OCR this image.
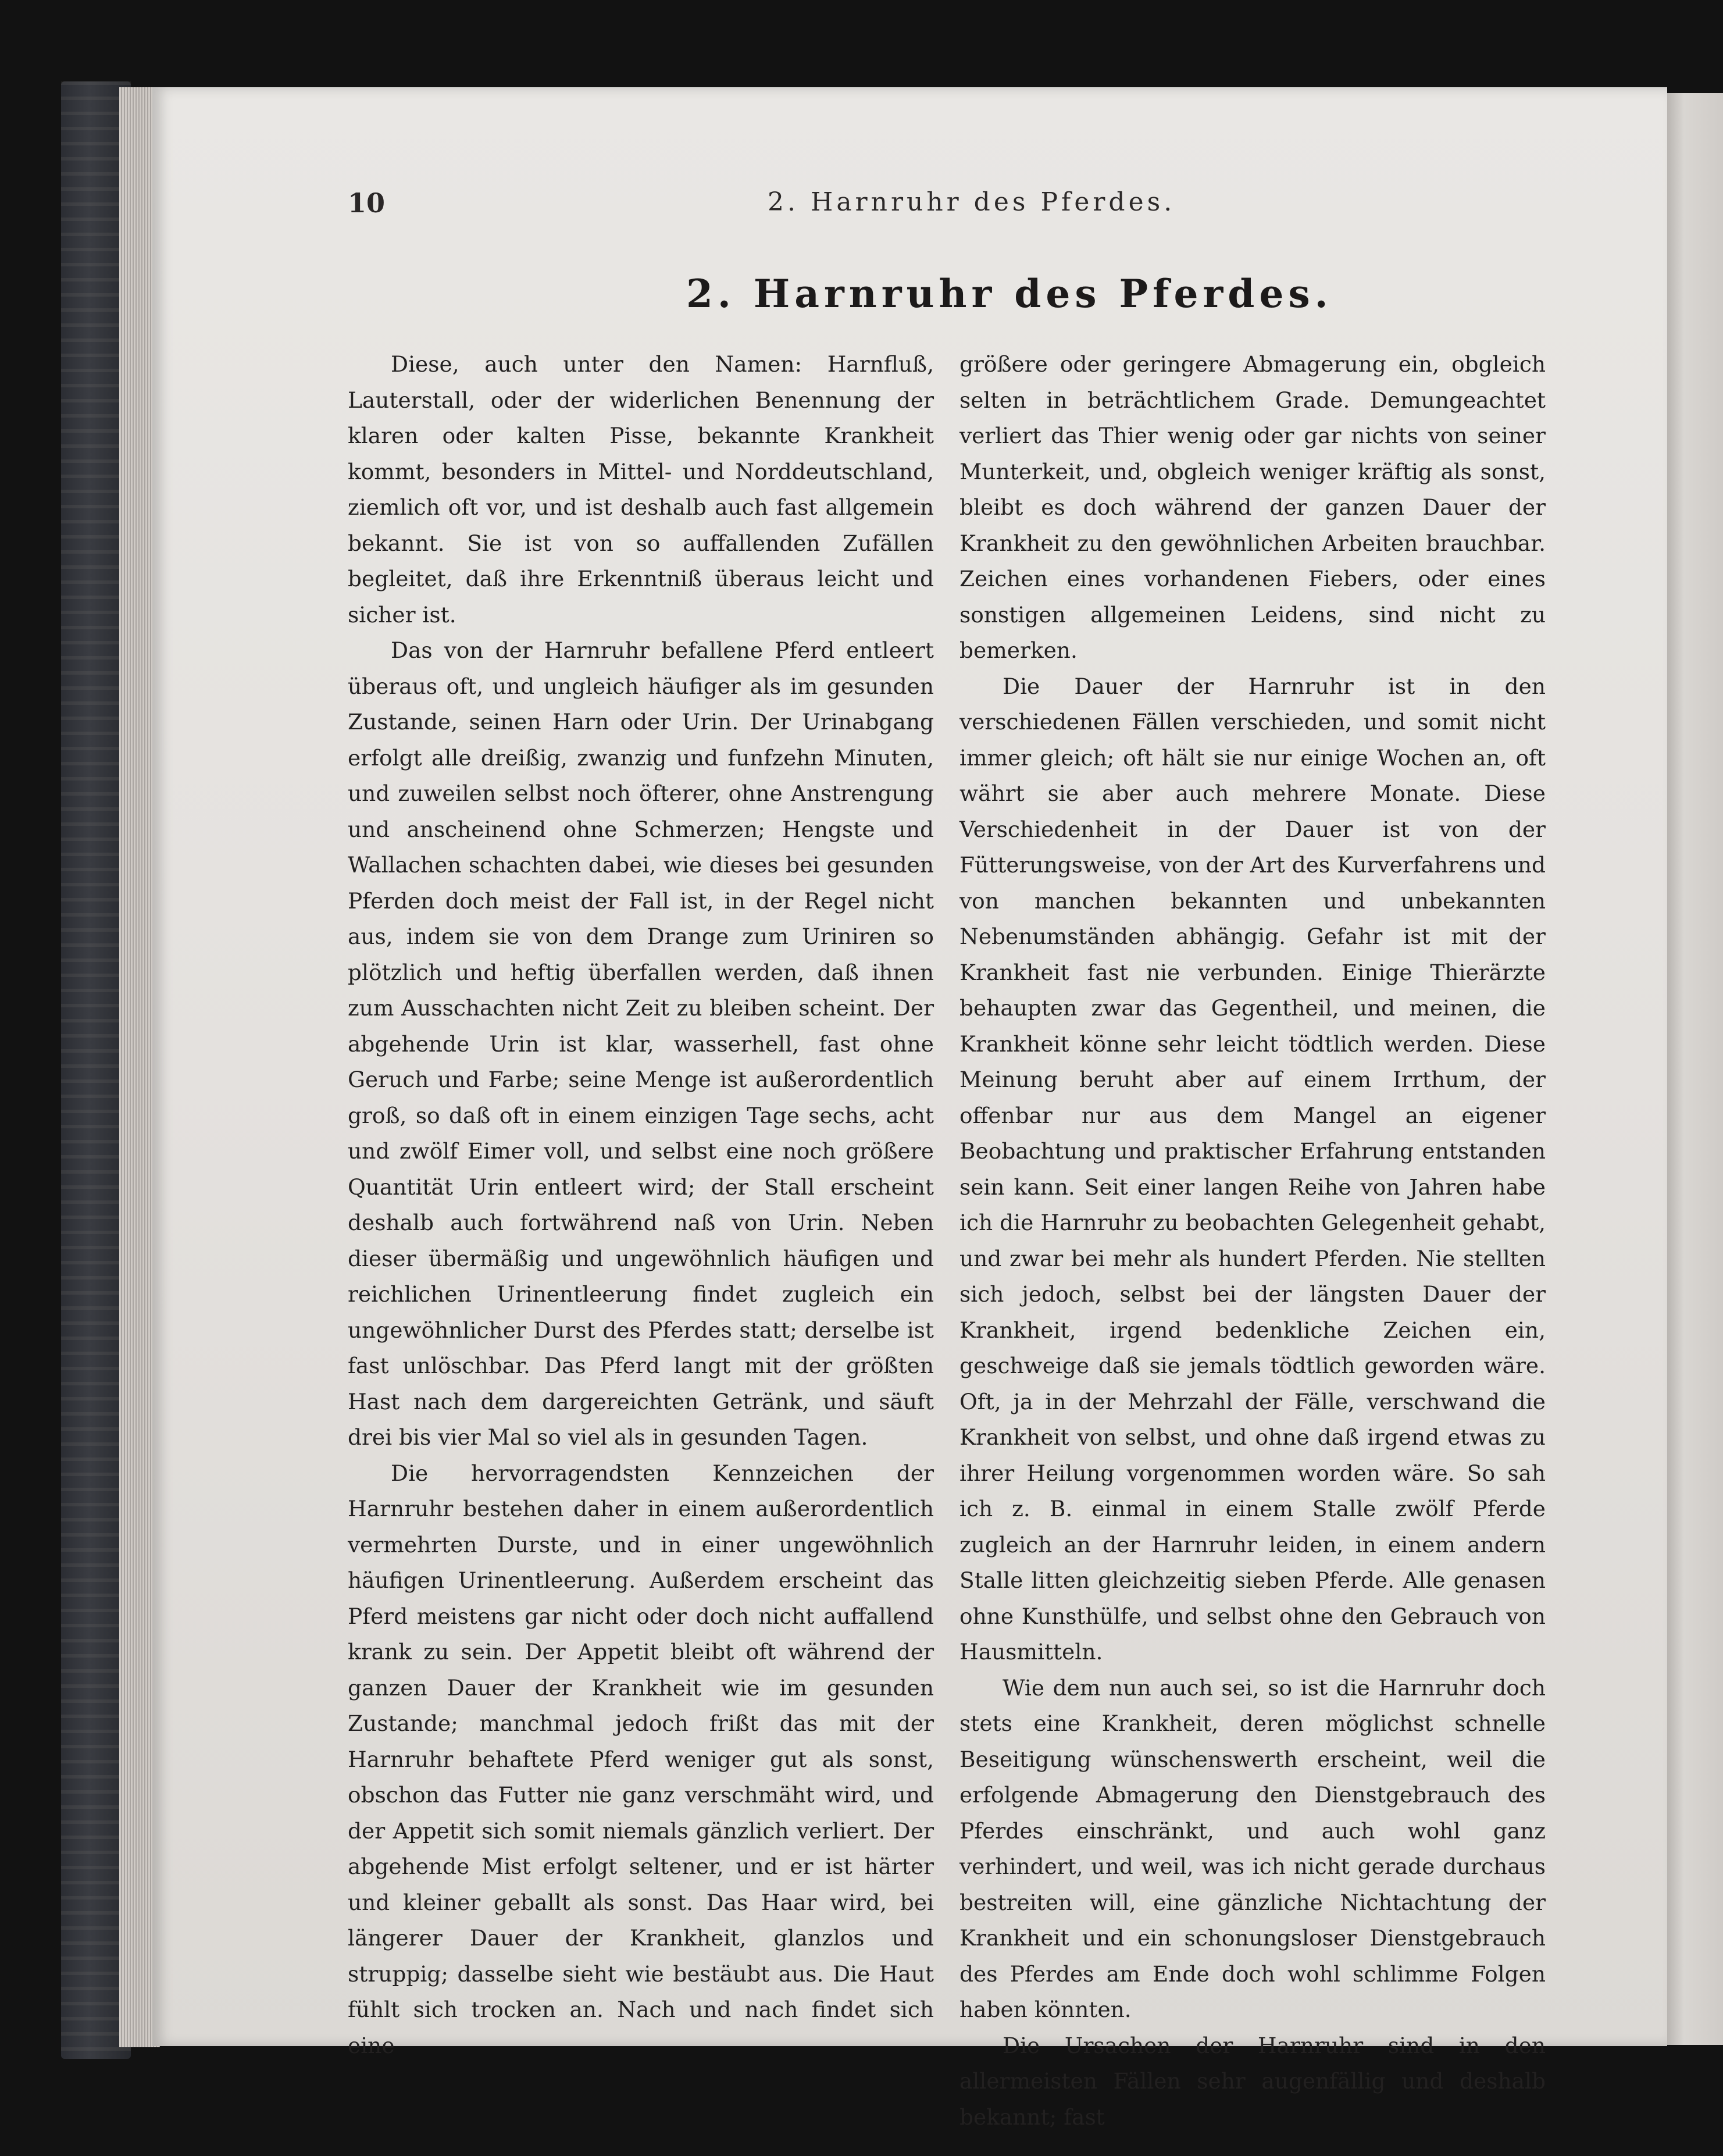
10	2. Harnruhr des Pferdes.
2. Harnruhr des Pferdes.

Diese, auch unter den Namen: Harnfluß, Lauterstall, oder der widerlichen Benennung der klaren oder kalten Pisse, bekannte Krankheit kommt, besonders in Mittel- und Norddeutschland, ziemlich oft vor, und ist deshalb auch fast allgemein bekannt. Sie ist von so auffallenden Zufällen begleitet, daß ihre Erkenntniß überaus leicht und sicher ist.

Das von der Harnruhr befallene Pferd entleert überaus oft, und ungleich häufiger als im gesunden Zustande, seinen Harn oder Urin. Der Urinabgang erfolgt alle dreißig, zwanzig und funfzehn Minuten, und zuweilen selbst noch öfterer, ohne Anstrengung und anscheinend ohne Schmerzen; Hengste und Wallachen schachten dabei, wie dieses bei gesunden Pferden doch meist der Fall ist, in der Regel nicht aus, indem sie von dem Drange zum Uriniren so plötzlich und heftig überfallen werden, daß ihnen zum Ausschachten nicht Zeit zu bleiben scheint. Der abgehende Urin ist klar, wasserhell, fast ohne Geruch und Farbe; seine Menge ist außerordentlich groß, so daß oft in einem einzigen Tage sechs, acht und zwölf Eimer voll, und selbst eine noch größere Quantität Urin entleert wird; der Stall erscheint deshalb auch fortwährend naß von Urin. Neben dieser übermäßig und ungewöhnlich häufigen und reichlichen Urinentleerung findet zugleich ein ungewöhnlicher Durst des Pferdes statt; derselbe ist fast unlöschbar. Das Pferd langt mit der größten Hast nach dem dargereichten Getränk, und säuft drei bis vier Mal so viel als in gesunden Tagen.

Die hervorragendsten Kennzeichen der Harnruhr bestehen daher in einem außerordentlich vermehrten Durste, und in einer ungewöhnlich häufigen Urinentleerung. Außerdem erscheint das Pferd meistens gar nicht oder doch nicht auffallend krank zu sein. Der Appetit bleibt oft während der ganzen Dauer der Krankheit wie im gesunden Zustande; manchmal jedoch frißt das mit der Harnruhr behaftete Pferd weniger gut als sonst, obschon das Futter nie ganz verschmäht wird, und der Appetit sich somit niemals gänzlich verliert. Der abgehende Mist erfolgt seltener, und er ist härter und kleiner geballt als sonst. Das Haar wird, bei längerer Dauer der Krankheit, glanzlos und struppig; dasselbe sieht wie bestäubt aus. Die Haut fühlt sich trocken an. Nach und nach findet sich eine

größere oder geringere Abmagerung ein, obgleich selten in beträchtlichem Grade. Demungeachtet verliert das Thier wenig oder gar nichts von seiner Munterkeit, und, obgleich weniger kräftig als sonst, bleibt es doch während der ganzen Dauer der Krankheit zu den gewöhnlichen Arbeiten brauchbar. Zeichen eines vorhandenen Fiebers, oder eines sonstigen allgemeinen Leidens, sind nicht zu bemerken.

Die Dauer der Harnruhr ist in den verschiedenen Fällen verschieden, und somit nicht immer gleich; oft hält sie nur einige Wochen an, oft währt sie aber auch mehrere Monate. Diese Verschiedenheit in der Dauer ist von der Fütterungsweise, von der Art des Kurverfahrens und von manchen bekannten und unbekannten Nebenumständen abhängig. Gefahr ist mit der Krankheit fast nie verbunden. Einige Thierärzte behaupten zwar das Gegentheil, und meinen, die Krankheit könne sehr leicht tödtlich werden. Diese Meinung beruht aber auf einem Irrthum, der offenbar nur aus dem Mangel an eigener Beobachtung und praktischer Erfahrung entstanden sein kann. Seit einer langen Reihe von Jahren habe ich die Harnruhr zu beobachten Gelegenheit gehabt, und zwar bei mehr als hundert Pferden. Nie stellten sich jedoch, selbst bei der längsten Dauer der Krankheit, irgend bedenkliche Zeichen ein, geschweige daß sie jemals tödtlich geworden wäre. Oft, ja in der Mehrzahl der Fälle, verschwand die Krankheit von selbst, und ohne daß irgend etwas zu ihrer Heilung vorgenommen worden wäre. So sah ich z. B. einmal in einem Stalle zwölf Pferde zugleich an der Harnruhr leiden, in einem andern Stalle litten gleichzeitig sieben Pferde. Alle genasen ohne Kunsthülfe, und selbst ohne den Gebrauch von Hausmitteln.

Wie dem nun auch sei, so ist die Harnruhr doch stets eine Krankheit, deren möglichst schnelle Beseitigung wünschenswerth erscheint, weil die erfolgende Abmagerung den Dienstgebrauch des Pferdes einschränkt, und auch wohl ganz verhindert, und weil, was ich nicht gerade durchaus bestreiten will, eine gänzliche Nichtachtung der Krankheit und ein schonungsloser Dienstgebrauch des Pferdes am Ende doch wohl schlimme Folgen haben könnten.

Die Ursachen der Harnruhr sind in den allermeisten Fällen sehr augenfällig und deshalb bekannt; fast
